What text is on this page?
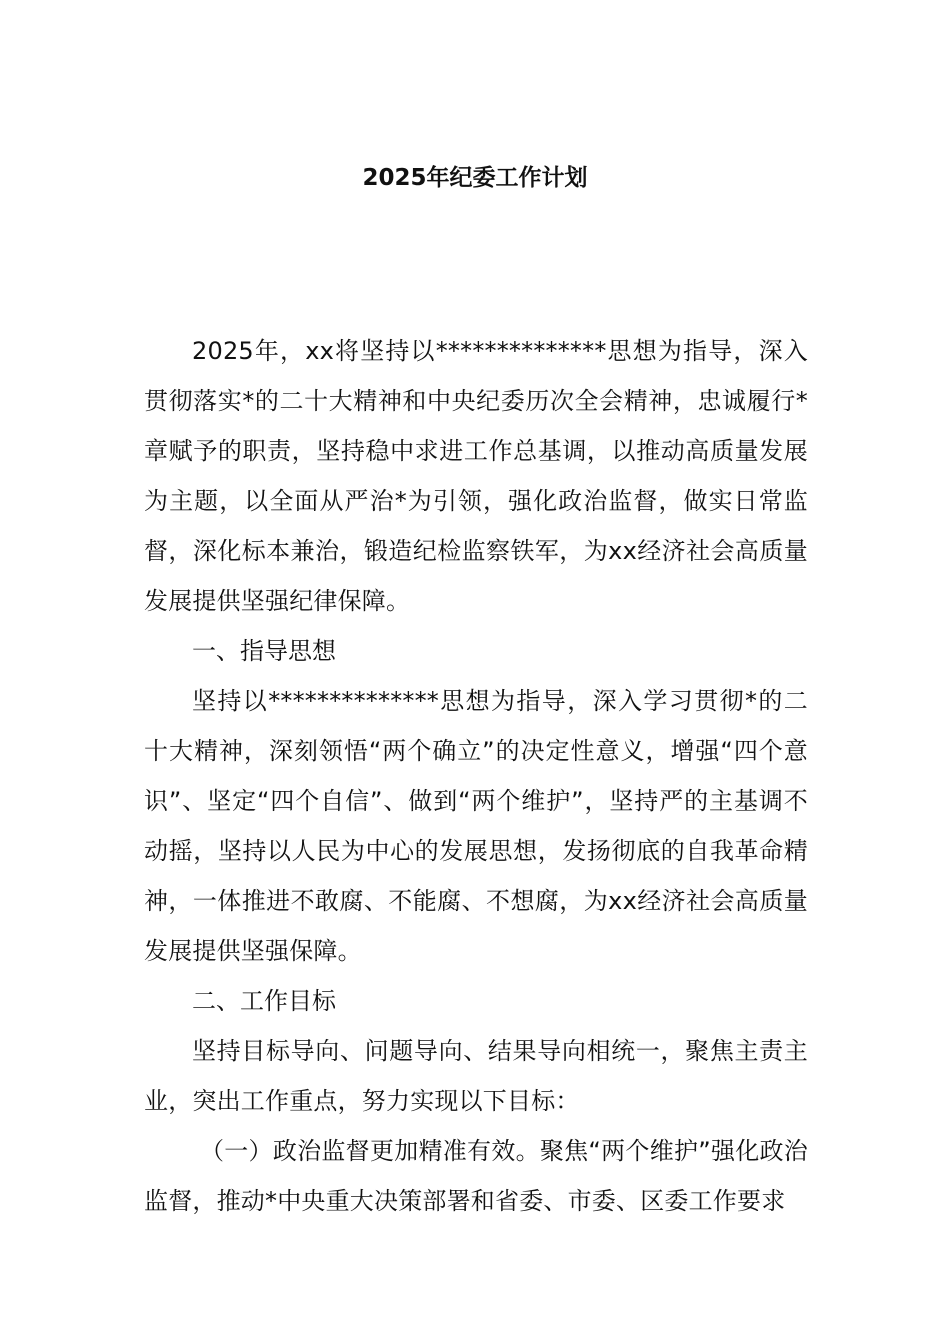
2025年纪委工作计划

2025年，xx将坚持以**************思想为指导，深入贯彻落实*的二十大精神和中央纪委历次全会精神，忠诚履行*章赋予的职责，坚持稳中求进工作总基调，以推动高质量发展为主题，以全面从严治*为引领，强化政治监督，做实日常监督，深化标本兼治，锻造纪检监察铁军，为xx经济社会高质量发展提供坚强纪律保障。

一、指导思想

坚持以**************思想为指导，深入学习贯彻*的二十大精神，深刻领悟“两个确立”的决定性意义，增强“四个意识”、坚定“四个自信”、做到“两个维护”，坚持严的主基调不动摇，坚持以人民为中心的发展思想，发扬彻底的自我革命精神，一体推进不敢腐、不能腐、不想腐，为xx经济社会高质量发展提供坚强保障。

二、工作目标

坚持目标导向、问题导向、结果导向相统一，聚焦主责主业，突出工作重点，努力实现以下目标：

（一）政治监督更加精准有效。聚焦“两个维护”强化政治监督，推动*中央重大决策部署和省委、市委、区委工作要求
